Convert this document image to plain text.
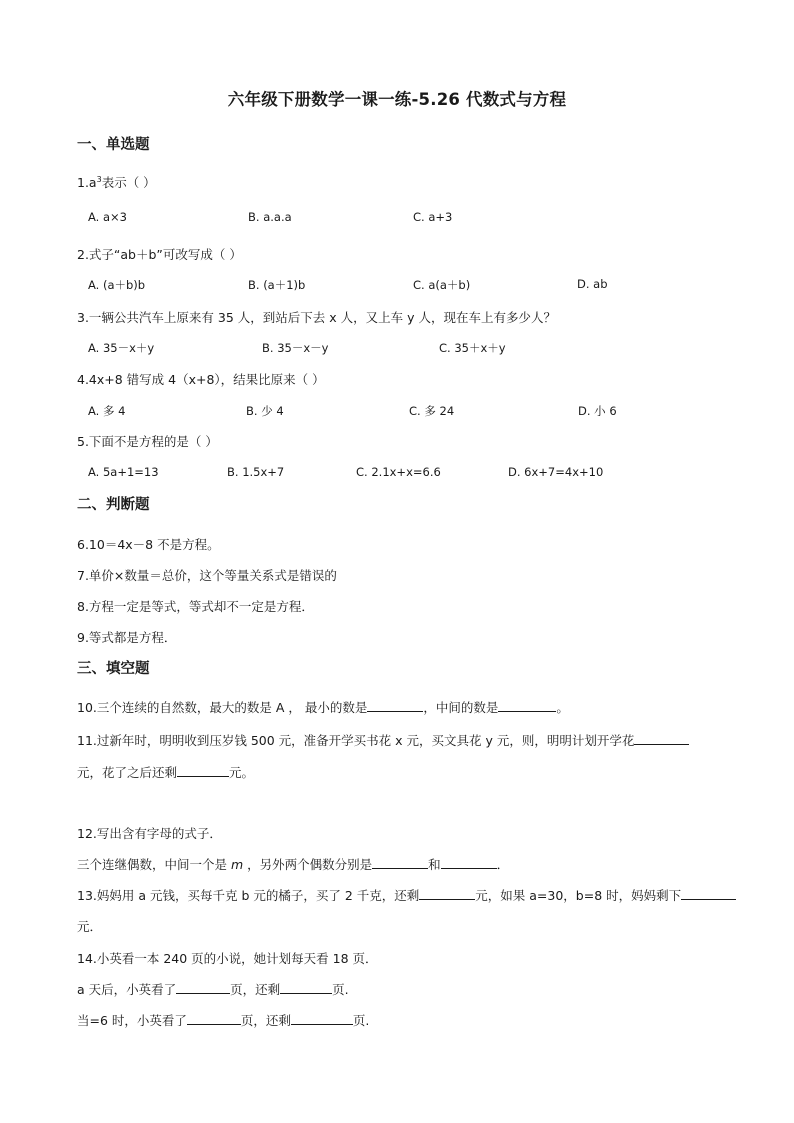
六年级下册数学一课一练-5.26 代数式与方程
一、单选题
$1.a^3$表示（ ）
A. a×3	B. a.a.a	C. a+3
2.式子“ab＋b”可改写成（ ）
A. (a＋b)b	B. (a＋1)b	C. a(a＋b)	D. ab
3.一辆公共汽车上原来有 35 人，到站后下去 x 人，又上车 y 人，现在车上有多少人？
A. 35－x＋y	B. 35－x－y	C. 35＋x＋y
4.4x+8 错写成 4（x+8），结果比原来（ ）
A. 多 4	B. 少 4	C. 多 24	D. 小 6
5.下面不是方程的是（ ）
A. 5a+1=13	B. 1.5x+7	C. 2.1x+x=6.6	D. 6x+7=4x+10
二、判断题
6.10＝4x－8 不是方程。
7.单价×数量＝总价，这个等量关系式是错误的
8.方程一定是等式，等式却不一定是方程．
9.等式都是方程．
三、填空题
10.三个连续的自然数，最大的数是 A ， 最小的数是	，中间的数是	。
11.过新年时，明明收到压岁钱 500 元，准备开学买书花 x 元，买文具花 y 元，则，明明计划开学花
元，花了之后还剩	元。
12.写出含有字母的式子．
三个连继偶数，中间一个是 m ，另外两个偶数分别是	和	．
13.妈妈用 a 元钱，买每千克 b 元的橘子，买了 2 千克，还剩	元，如果 a=30，b=8 时，妈妈剩下
元．
14.小英看一本 240 页的小说，她计划每天看 18 页．
a 天后，小英看了	页，还剩	页.
当=6 时，小英看了	页，还剩	页.
